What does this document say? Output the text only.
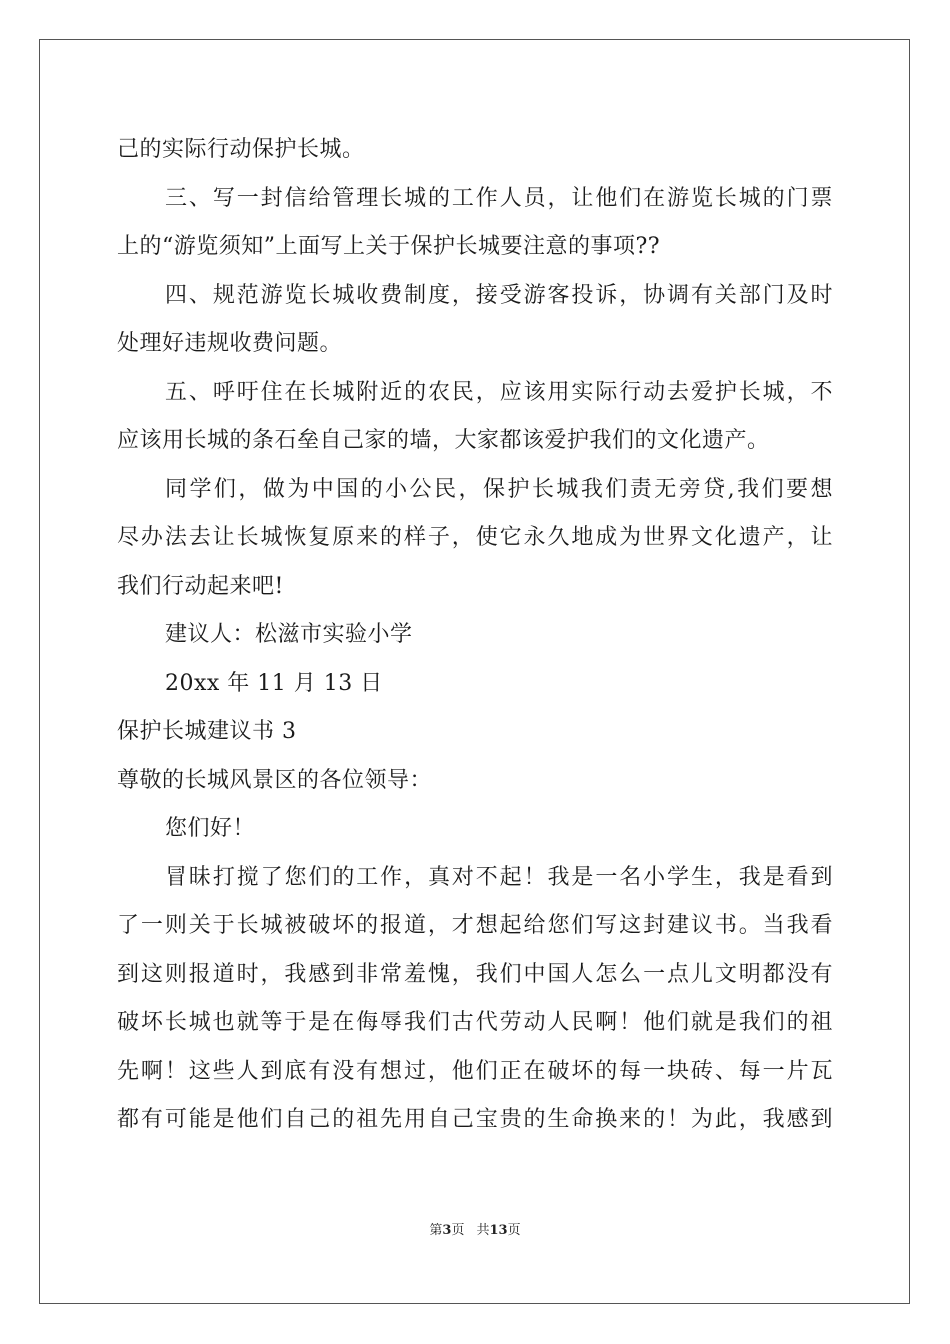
己的实际行动保护长城。
三、写一封信给管理长城的工作人员，让他们在游览长城的门票
上的“游览须知”上面写上关于保护长城要注意的事项??
四、规范游览长城收费制度，接受游客投诉，协调有关部门及时
处理好违规收费问题。
五、呼吁住在长城附近的农民，应该用实际行动去爱护长城，不
应该用长城的条石垒自己家的墙，大家都该爱护我们的文化遗产。
同学们，做为中国的小公民，保护长城我们责无旁贷,我们要想
尽办法去让长城恢复原来的样子，使它永久地成为世界文化遗产，让
我们行动起来吧!
建议人：松滋市实验小学
20xx 年 11 月 13 日
保护长城建议书 3
尊敬的长城风景区的各位领导：
您们好！
冒昧打搅了您们的工作，真对不起！我是一名小学生，我是看到
了一则关于长城被破坏的报道，才想起给您们写这封建议书。当我看
到这则报道时，我感到非常羞愧，我们中国人怎么一点儿文明都没有
破坏长城也就等于是在侮辱我们古代劳动人民啊！他们就是我们的祖
先啊！这些人到底有没有想过，他们正在破坏的每一块砖、每一片瓦
都有可能是他们自己的祖先用自己宝贵的生命换来的！为此，我感到
第3页 共13页
